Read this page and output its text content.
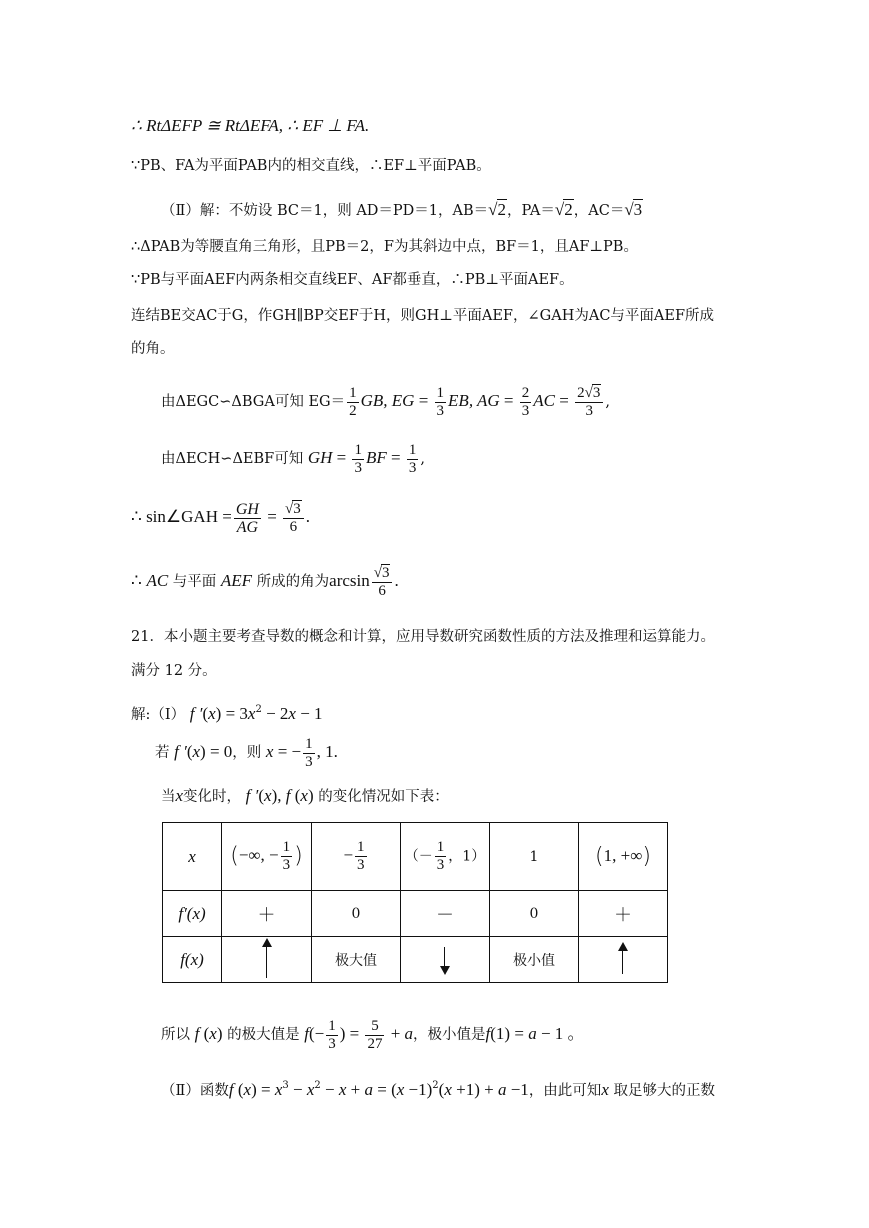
∴ RtΔEFP ≅ RtΔEFA, ∴ EF ⊥ FA.
∵PB、FA为平面PAB内的相交直线，∴EF⊥平面PAB。
（Ⅱ）解：不妨设 BC＝1，则 AD＝PD＝1，AB＝√2，PA＝√2，AC＝√3
∴ΔPAB为等腰直角三角形，且PB＝2，F为其斜边中点，BF＝1，且AF⊥PB。
∵PB与平面AEF内两条相交直线EF、AF都垂直，∴PB⊥平面AEF。
连结BE交AC于G，作GH∥BP交EF于H，则GH⊥平面AEF，∠GAH为AC与平面AEF所成
的角。
由ΔEGC∽ΔBGA可知 $EG= \frac{1}{2}$ GB, EG = $\frac{1}{3}$ EB, AG = $\frac{2}{3}$ AC = $\frac{2√3}{3}$ ,
由ΔECH∽ΔEBF可知 GH = $\frac{1}{3}$ BF = $\frac{1}{3}$ ,
∴ sin∠GAH = $\frac{GH}{AG} = \frac{√3}{6}$ .
∴ AC 与平面 AEF 所成的角为$\arcsin \frac{√3}{6}$ .
21．本小题主要考查导数的概念和计算，应用导数研究函数性质的方法及推理和运算能力。
满分 12 分。
解:（Ⅰ） f $'(x) = 3x^2 - 2x - 1$
若 f ′(x) = 0，则 x = − $\frac{1}{3}$ , 1.
当x变化时， f ′(x), f (x) 的变化情况如下表：
x	(−∞, − $\frac{1}{3}$ )	− $\frac{1}{3}$	（－ $\frac{1}{3}$ ，1）	1	(1, +∞)
f′(x)	＋	0	－	0	＋
f(x)		极大值		极小值	
所以 f (x) 的极大值是 $f(- \frac{1}{3}$ ) = $\frac{5}{27} + a$，极小值是f(1) = a − 1 。
（Ⅱ）函数f $(x) = x^3 - x^2 - x + a = (x -1)^2(x +1) + a -1$，由此可知x 取足够大的正数
